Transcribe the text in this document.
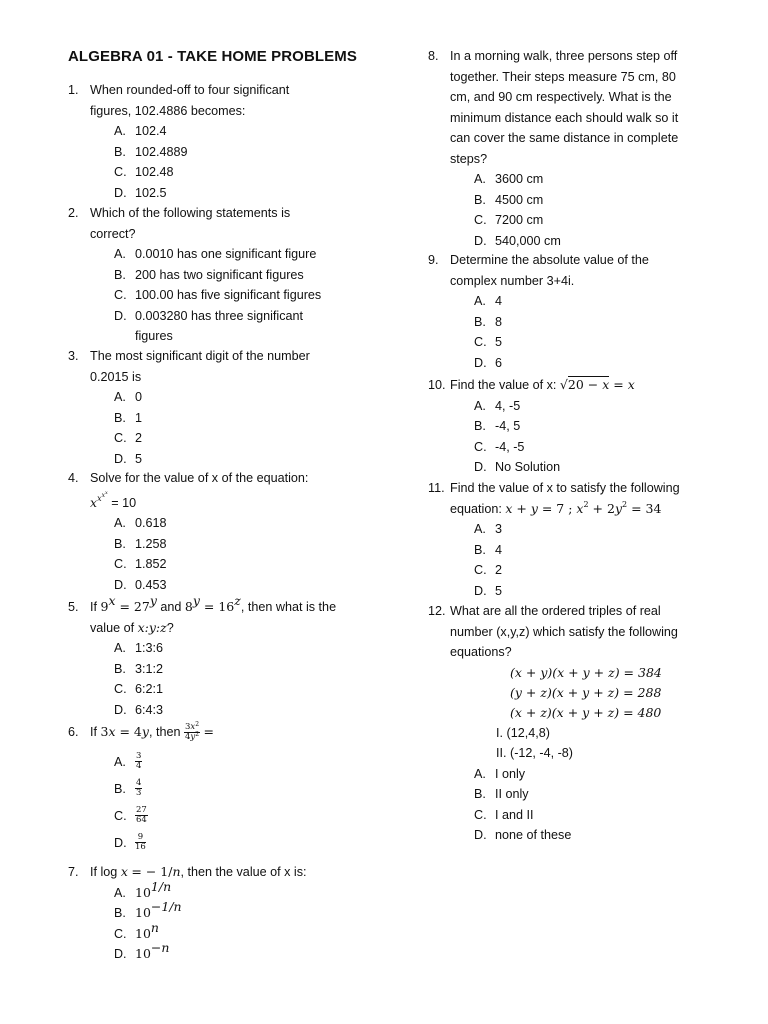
ALGEBRA 01 - TAKE HOME PROBLEMS
1. When rounded-off to four significant
figures, 102.4886 becomes:
A. 102.4
B. 102.4889
C. 102.48
D. 102.5
2. Which of the following statements is
correct?
A. 0.0010 has one significant figure
B. 200 has two significant figures
C. 100.00 has five significant figures
D. 0.003280 has three significant
figures
3. The most significant digit of the number
0.2015 is
A. 0
B. 1
C. 2
D. 5
4. Solve for the value of x of the equation:
$x^{x^{x^x}} = 10$
A. 0.618
B. 1.258
C. 1.852
D. 0.453
5. If $9^x = 27^y$ and $8^y = 16^z$, then what is the
value of x:y:z?
A. 1:3:6
B. 3:1:2
C. 6:2:1
D. 6:4:3
6. If 3x = 4y, then $\frac{3x^2}{4y^2}$ =
A. $\frac{3}{4}$
B. $\frac{4}{3}$
C. $\frac{27}{64}$
D. $\frac{9}{16}$
7. If log x = − 1/n, then the value of x is:
A. $10^{1/n}$
B. $10^{-1/n}$
C. 10$^n$
D. $10^{-n}$
8. In a morning walk, three persons step off
together. Their steps measure 75 cm, 80
cm, and 90 cm respectively. What is the
minimum distance each should walk so it
can cover the same distance in complete
steps?
A. 3600 cm
B. 4500 cm
C. 7200 cm
D. 540,000 cm
9. Determine the absolute value of the
complex number 3+4i.
A. 4
B. 8
C. 5
D. 6
10. Find the value of x: √20 − x = x
A. 4, -5
B. -4, 5
C. -4, -5
D. No Solution
11. Find the value of x to satisfy the following
equation: x + y = 7 ; $x^2 + 2y^2 = 34$
A. 3
B. 4
C. 2
D. 5
12. What are all the ordered triples of real
number (x,y,z) which satisfy the following
equations?
(x + y)(x + y + z) = 384
(y + z)(x + y + z) = 288
(x + z)(x + y + z) = 480
I. (12,4,8)
II. (-12, -4, -8)
A. I only
B. II only
C. I and II
D. none of these
